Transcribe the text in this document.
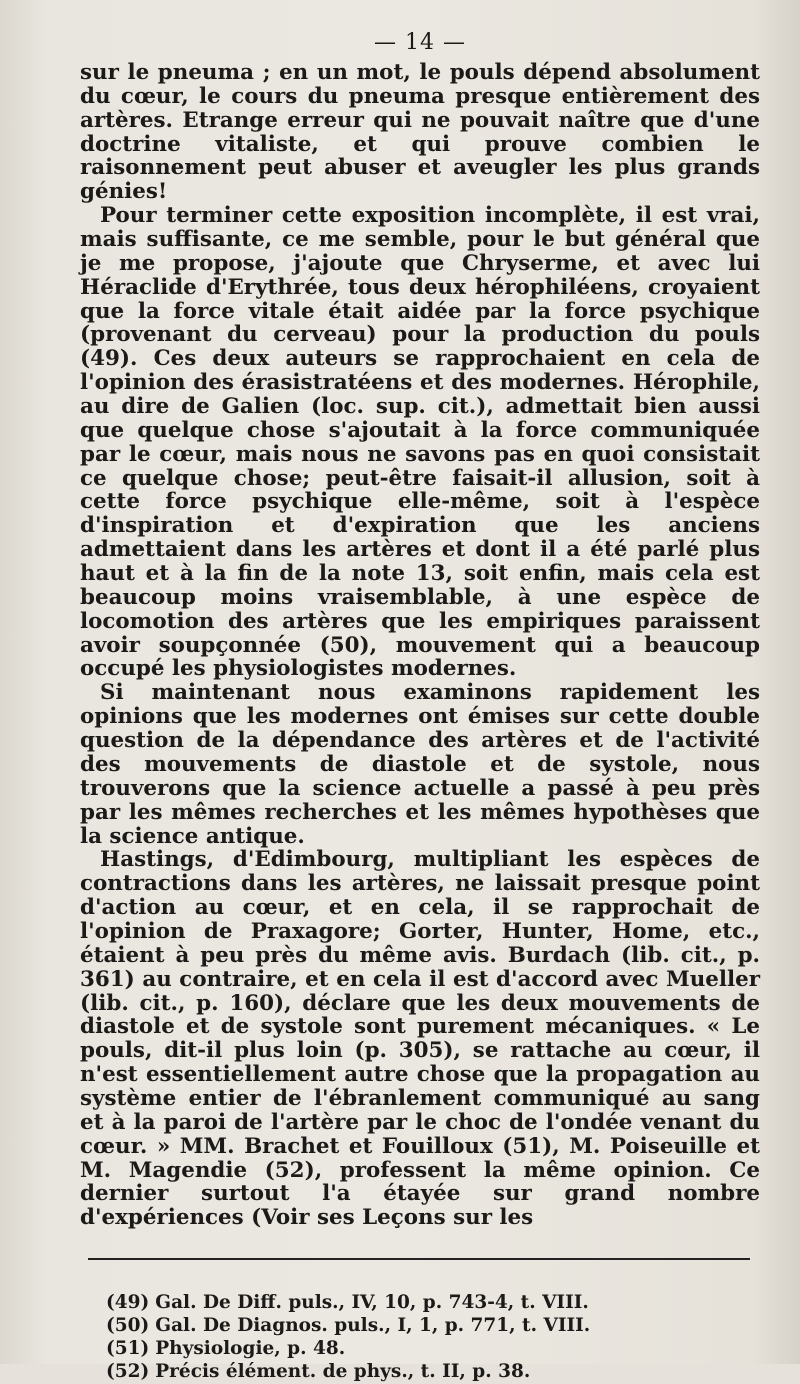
— 14 —

sur le pneuma ; en un mot, le pouls dépend absolument du cœur, le cours du pneuma presque entièrement des artères. Etrange erreur qui ne pouvait naître que d'une doctrine vitaliste, et qui prouve combien le raisonnement peut abuser et aveugler les plus grands génies!

Pour terminer cette exposition incomplète, il est vrai, mais suffisante, ce me semble, pour le but général que je me propose, j'ajoute que Chryserme, et avec lui Héraclide d'Erythrée, tous deux hérophiléens, croyaient que la force vitale était aidée par la force psychique (provenant du cerveau) pour la production du pouls (49). Ces deux auteurs se rapprochaient en cela de l'opinion des érasistratéens et des modernes. Hérophile, au dire de Galien (loc. sup. cit.), admettait bien aussi que quelque chose s'ajoutait à la force communiquée par le cœur, mais nous ne savons pas en quoi consistait ce quelque chose; peut-être faisait-il allusion, soit à cette force psychique elle-même, soit à l'espèce d'inspiration et d'expiration que les anciens admettaient dans les artères et dont il a été parlé plus haut et à la fin de la note 13, soit enfin, mais cela est beaucoup moins vraisemblable, à une espèce de locomotion des artères que les empiriques paraissent avoir soupçonnée (50), mouvement qui a beaucoup occupé les physiologistes modernes.

Si maintenant nous examinons rapidement les opinions que les modernes ont émises sur cette double question de la dépendance des artères et de l'activité des mouvements de diastole et de systole, nous trouverons que la science actuelle a passé à peu près par les mêmes recherches et les mêmes hypothèses que la science antique.

Hastings, d'Edimbourg, multipliant les espèces de contractions dans les artères, ne laissait presque point d'action au cœur, et en cela, il se rapprochait de l'opinion de Praxagore; Gorter, Hunter, Home, etc., étaient à peu près du même avis. Burdach (lib. cit., p. 361) au contraire, et en cela il est d'accord avec Mueller (lib. cit., p. 160), déclare que les deux mouvements de diastole et de systole sont purement mécaniques. « Le pouls, dit-il plus loin (p. 305), se rattache au cœur, il n'est essentiellement autre chose que la propagation au système entier de l'ébranlement communiqué au sang et à la paroi de l'artère par le choc de l'ondée venant du cœur. » MM. Brachet et Fouilloux (51), M. Poiseuille et M. Magendie (52), professent la même opinion. Ce dernier surtout l'a étayée sur grand nombre d'expériences (Voir ses Leçons sur les

(49) Gal. De Diff. puls., IV, 10, p. 743-4, t. VIII.
(50) Gal. De Diagnos. puls., I, 1, p. 771, t. VIII.
(51) Physiologie, p. 48.
(52) Précis élément. de phys., t. II, p. 38.
